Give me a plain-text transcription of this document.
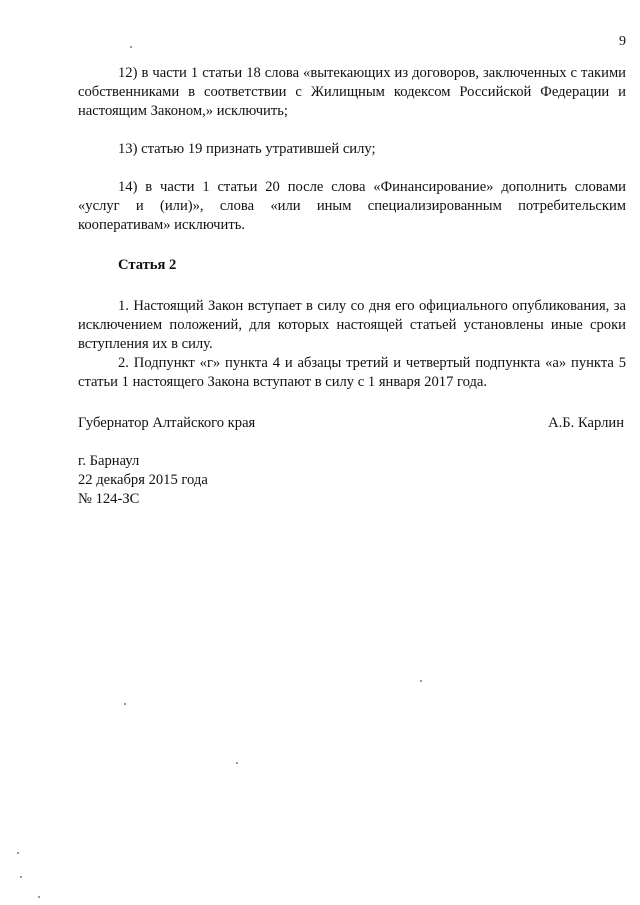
9

12) в части 1 статьи 18 слова «вытекающих из договоров, заключенных с такими собственниками в соответствии с Жилищным кодексом Российской Федерации и настоящим Законом,» исключить;

13) статью 19 признать утратившей силу;

14) в части 1 статьи 20 после слова «Финансирование» дополнить словами «услуг и (или)», слова «или иным специализированным потребительским кооперативам» исключить.

Статья 2

1. Настоящий Закон вступает в силу со дня его официального опубликования, за исключением положений, для которых настоящей статьей установлены иные сроки вступления их в силу.

2. Подпункт «г» пункта 4 и абзацы третий и четвертый подпункта «а» пункта 5 статьи 1 настоящего Закона вступают в силу с 1 января 2017 года.

Губернатор Алтайского края	А.Б. Карлин
г. Барнаул
22 декабря 2015 года
№ 124-ЗС
